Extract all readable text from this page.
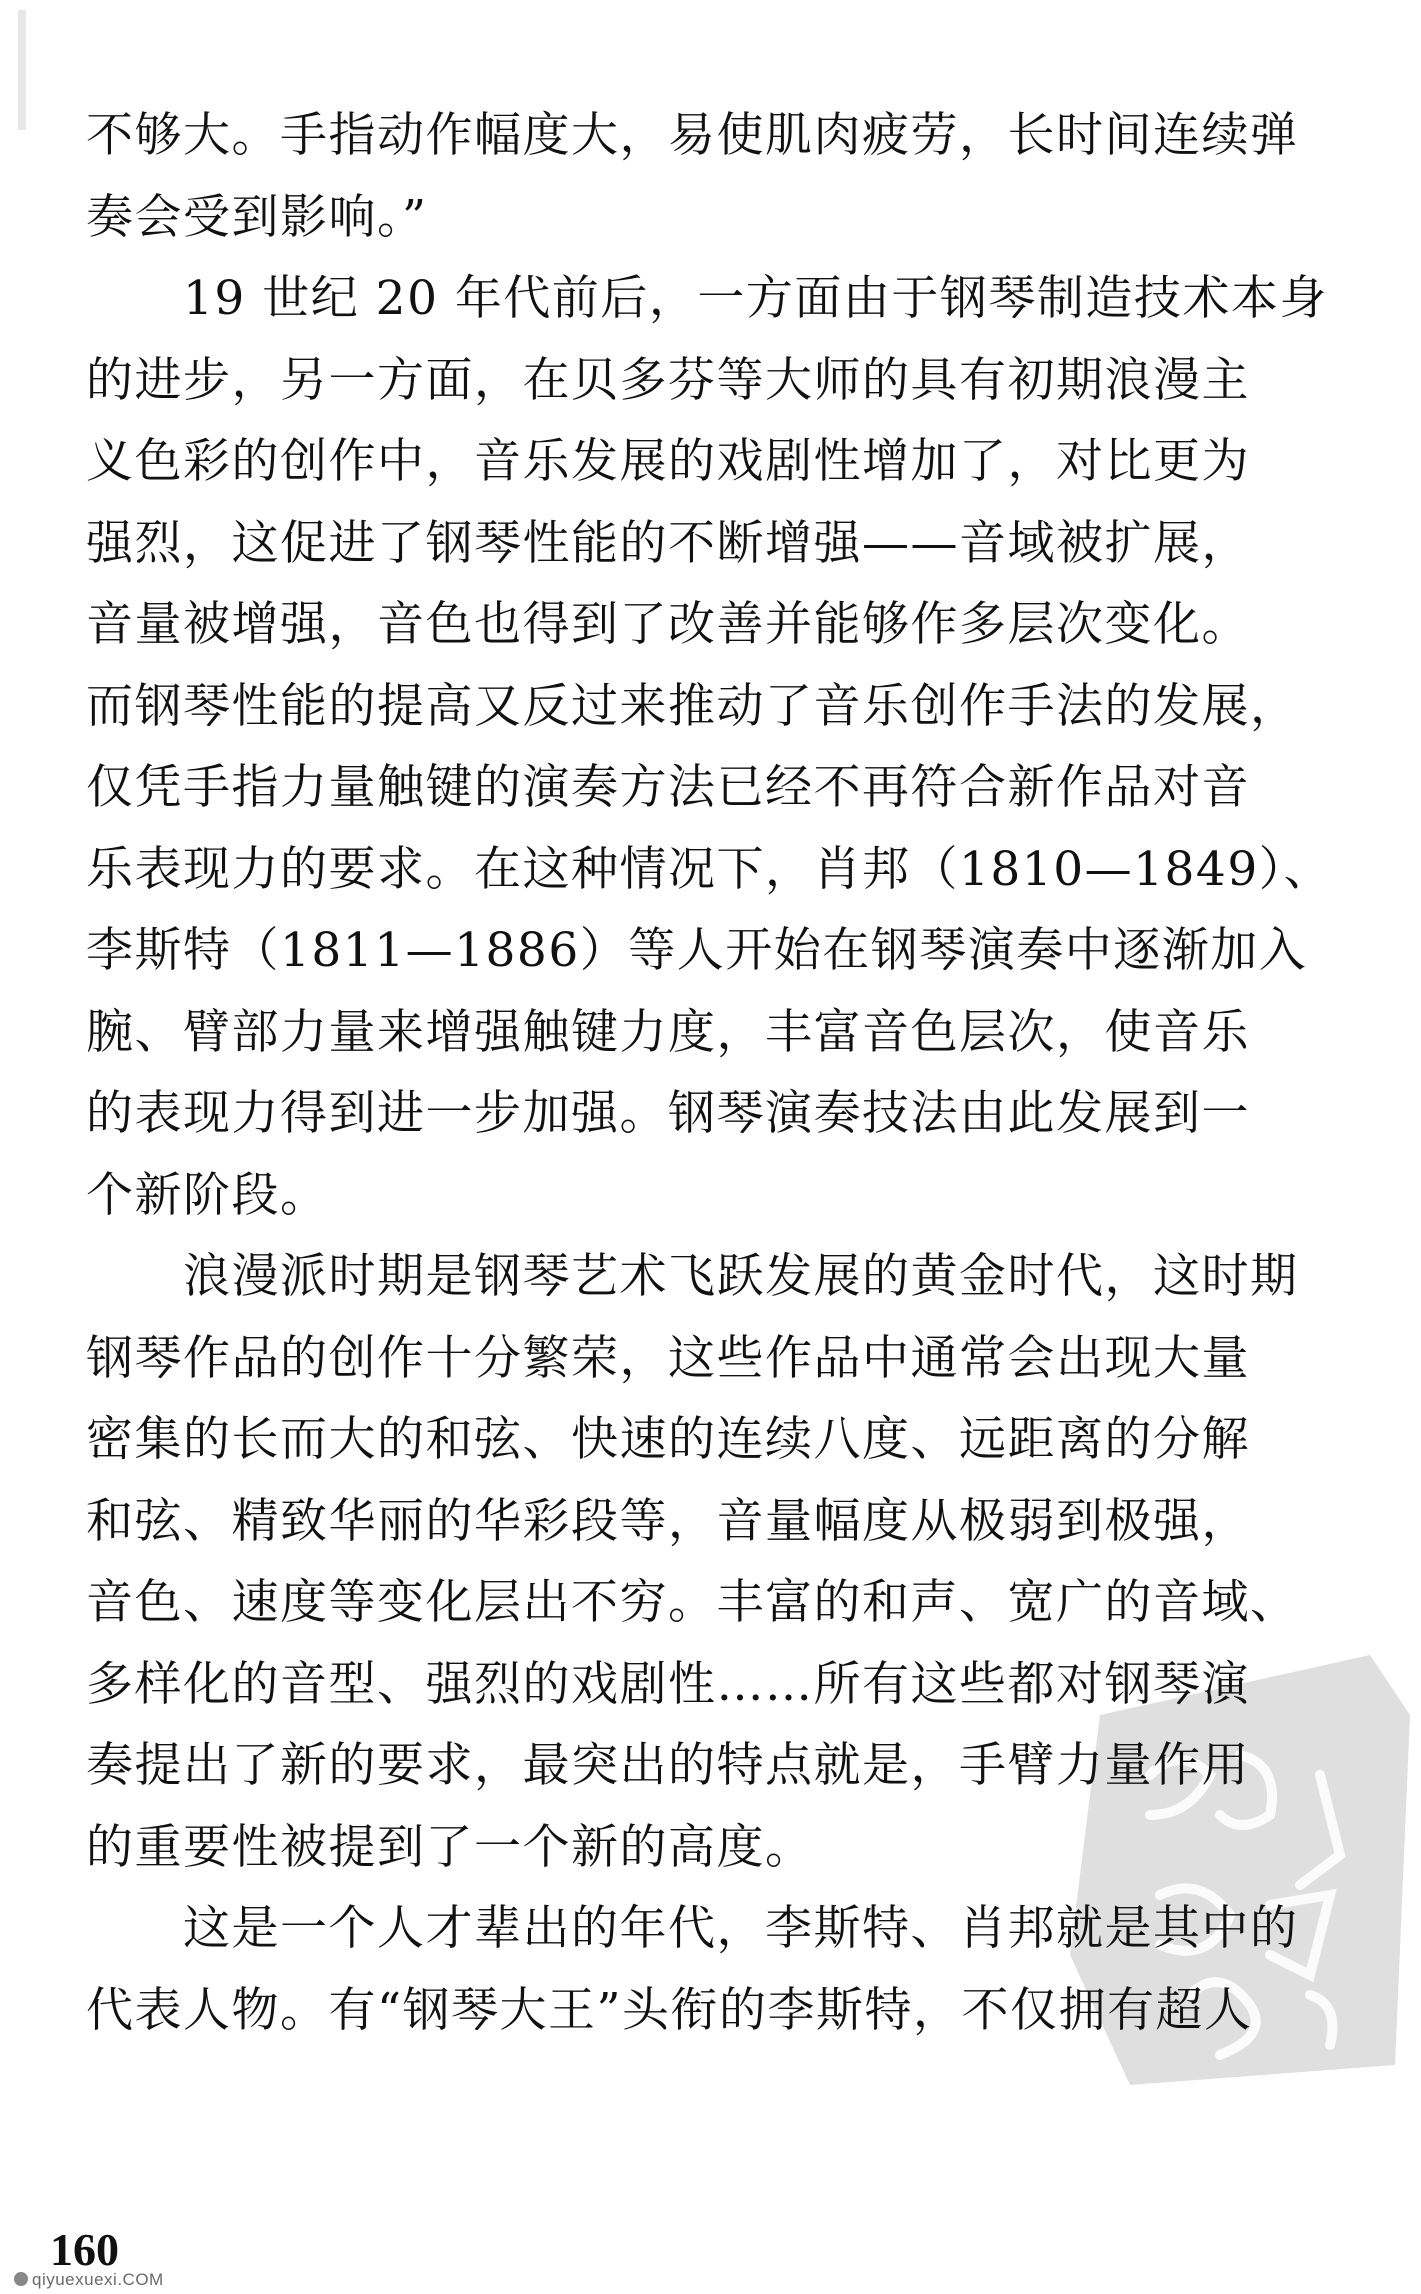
不够大。手指动作幅度大，易使肌肉疲劳，长时间连续弹
奏会受到影响。”
　　19 世纪 20 年代前后，一方面由于钢琴制造技术本身
的进步，另一方面，在贝多芬等大师的具有初期浪漫主
义色彩的创作中，音乐发展的戏剧性增加了，对比更为
强烈，这促进了钢琴性能的不断增强——音域被扩展，
音量被增强，音色也得到了改善并能够作多层次变化。
而钢琴性能的提高又反过来推动了音乐创作手法的发展，
仅凭手指力量触键的演奏方法已经不再符合新作品对音
乐表现力的要求。在这种情况下，肖邦（1810—1849）、
李斯特（1811—1886）等人开始在钢琴演奏中逐渐加入
腕、臂部力量来增强触键力度，丰富音色层次，使音乐
的表现力得到进一步加强。钢琴演奏技法由此发展到一
个新阶段。
　　浪漫派时期是钢琴艺术飞跃发展的黄金时代，这时期
钢琴作品的创作十分繁荣，这些作品中通常会出现大量
密集的长而大的和弦、快速的连续八度、远距离的分解
和弦、精致华丽的华彩段等，音量幅度从极弱到极强，
音色、速度等变化层出不穷。丰富的和声、宽广的音域、
多样化的音型、强烈的戏剧性……所有这些都对钢琴演
奏提出了新的要求，最突出的特点就是，手臂力量作用
的重要性被提到了一个新的高度。
　　这是一个人才辈出的年代，李斯特、肖邦就是其中的
代表人物。有“钢琴大王”头衔的李斯特，不仅拥有超人
160
qiyuexuexi.COM
